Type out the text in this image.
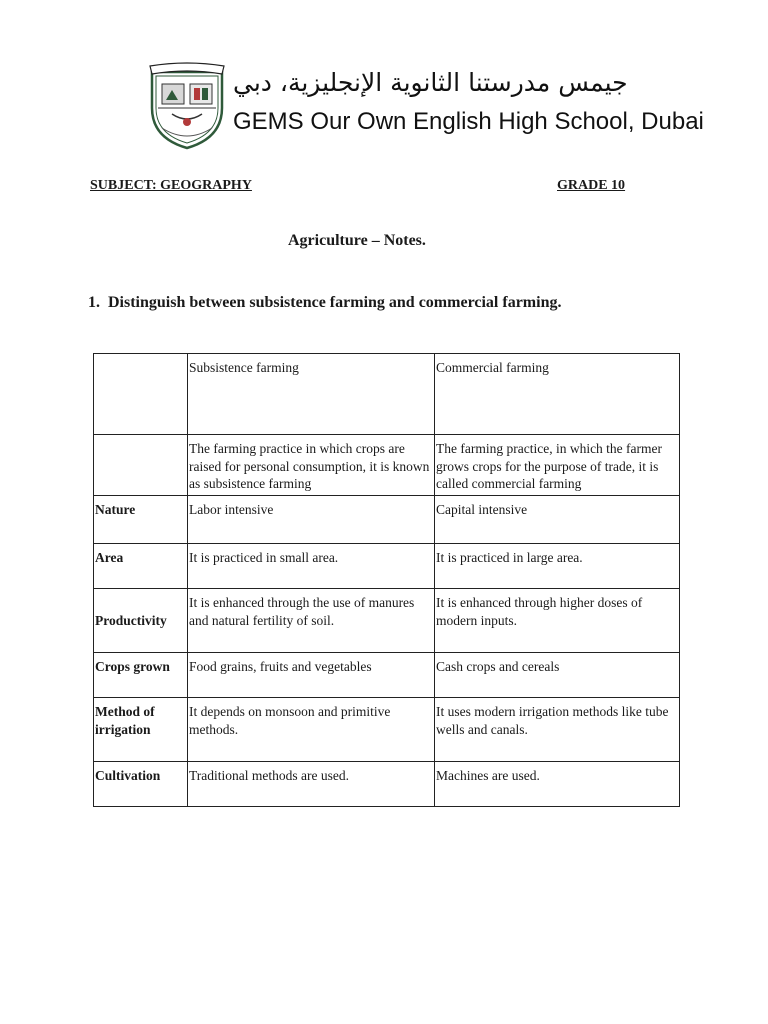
جيمس مدرستنا الثانوية الإنجليزية، دبي
GEMS Our Own English High School, Dubai
SUBJECT: GEOGRAPHY	GRADE 10
Agriculture – Notes.
1. Distinguish between subsistence farming and commercial farming.
	Subsistence farming	Commercial farming
	The farming practice in which crops are raised for personal consumption, it is known as subsistence farming	The farming practice, in which the farmer grows crops for the purpose of trade, it is called commercial farming
Nature	Labor intensive	Capital intensive
Area	It is practiced in small area.	It is practiced in large area.
Productivity	It is enhanced through the use of manures and natural fertility of soil.	It is enhanced through higher doses of modern inputs.
Crops grown	Food grains, fruits and vegetables	Cash crops and cereals
Method of irrigation	It depends on monsoon and primitive methods.	It uses modern irrigation methods like tube wells and canals.
Cultivation	Traditional methods are used.	Machines are used.
